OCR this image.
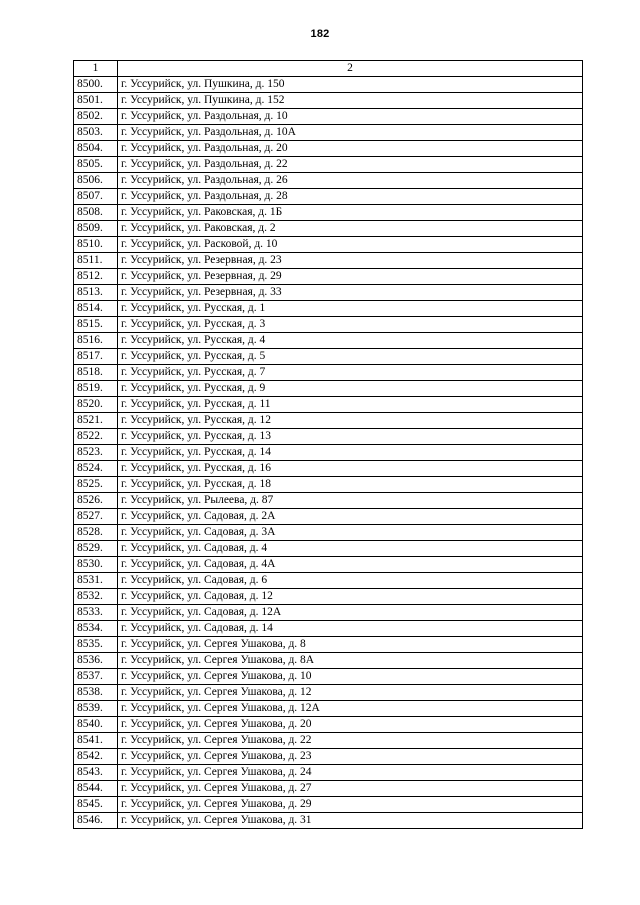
182
1	2
8500.	г. Уссурийск, ул. Пушкина, д. 150
8501.	г. Уссурийск, ул. Пушкина, д. 152
8502.	г. Уссурийск, ул. Раздольная, д. 10
8503.	г. Уссурийск, ул. Раздольная, д. 10А
8504.	г. Уссурийск, ул. Раздольная, д. 20
8505.	г. Уссурийск, ул. Раздольная, д. 22
8506.	г. Уссурийск, ул. Раздольная, д. 26
8507.	г. Уссурийск, ул. Раздольная, д. 28
8508.	г. Уссурийск, ул. Раковская, д. 1Б
8509.	г. Уссурийск, ул. Раковская, д. 2
8510.	г. Уссурийск, ул. Расковой, д. 10
8511.	г. Уссурийск, ул. Резервная, д. 23
8512.	г. Уссурийск, ул. Резервная, д. 29
8513.	г. Уссурийск, ул. Резервная, д. 33
8514.	г. Уссурийск, ул. Русская, д. 1
8515.	г. Уссурийск, ул. Русская, д. 3
8516.	г. Уссурийск, ул. Русская, д. 4
8517.	г. Уссурийск, ул. Русская, д. 5
8518.	г. Уссурийск, ул. Русская, д. 7
8519.	г. Уссурийск, ул. Русская, д. 9
8520.	г. Уссурийск, ул. Русская, д. 11
8521.	г. Уссурийск, ул. Русская, д. 12
8522.	г. Уссурийск, ул. Русская, д. 13
8523.	г. Уссурийск, ул. Русская, д. 14
8524.	г. Уссурийск, ул. Русская, д. 16
8525.	г. Уссурийск, ул. Русская, д. 18
8526.	г. Уссурийск, ул. Рылеева, д. 87
8527.	г. Уссурийск, ул. Садовая, д. 2А
8528.	г. Уссурийск, ул. Садовая, д. 3А
8529.	г. Уссурийск, ул. Садовая, д. 4
8530.	г. Уссурийск, ул. Садовая, д. 4А
8531.	г. Уссурийск, ул. Садовая, д. 6
8532.	г. Уссурийск, ул. Садовая, д. 12
8533.	г. Уссурийск, ул. Садовая, д. 12А
8534.	г. Уссурийск, ул. Садовая, д. 14
8535.	г. Уссурийск, ул. Сергея Ушакова, д. 8
8536.	г. Уссурийск, ул. Сергея Ушакова, д. 8А
8537.	г. Уссурийск, ул. Сергея Ушакова, д. 10
8538.	г. Уссурийск, ул. Сергея Ушакова, д. 12
8539.	г. Уссурийск, ул. Сергея Ушакова, д. 12А
8540.	г. Уссурийск, ул. Сергея Ушакова, д. 20
8541.	г. Уссурийск, ул. Сергея Ушакова, д. 22
8542.	г. Уссурийск, ул. Сергея Ушакова, д. 23
8543.	г. Уссурийск, ул. Сергея Ушакова, д. 24
8544.	г. Уссурийск, ул. Сергея Ушакова, д. 27
8545.	г. Уссурийск, ул. Сергея Ушакова, д. 29
8546.	г. Уссурийск, ул. Сергея Ушакова, д. 31
